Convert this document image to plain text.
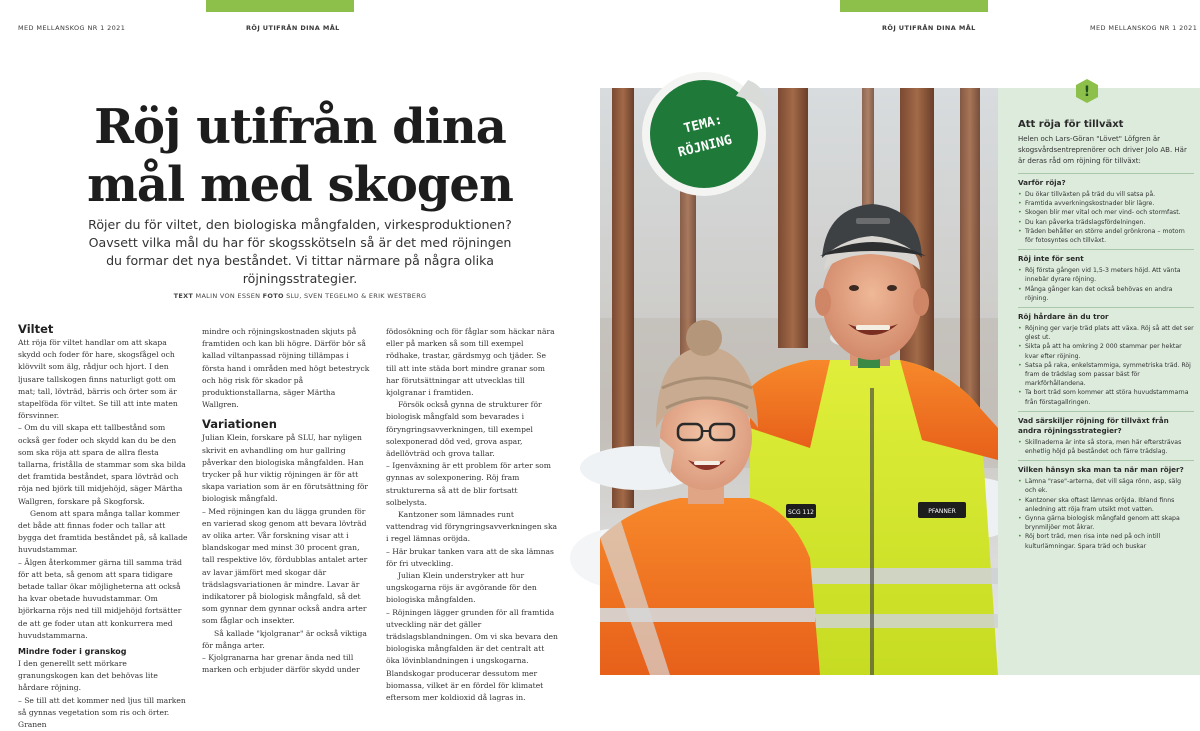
MED MELLANSKOG NR 1 2021	RÖJ UTIFRÅN DINA MÅL
Röj utifrån dina
mål med skogen
Röjer du för viltet, den biologiska mångfalden, virkesproduktionen? Oavsett vilka mål du har för skogsskötseln så är det med röjningen du formar det nya beståndet. Vi tittar närmare på några olika röjningsstrategier.
TEXT MALIN VON ESSEN FOTO SLU, SVEN TEGELMO & ERIK WESTBERG
Viltet

Att röja för viltet handlar om att skapa skydd och foder för hare, skogsfågel och klövvilt som älg, rådjur och hjort. I den ljusare tallskogen finns naturligt gott om mat; tall, lövträd, bärris och örter som är stapelföda för viltet. Se till att inte maten försvinner.

– Om du vill skapa ett tallbestånd som också ger foder och skydd kan du be den som ska röja att spara de allra flesta tallarna, fristålla de stammar som ska bilda det framtida beståndet, spara lövträd och röja ned björk till midjehöjd, säger Märtha Wallgren, forskare på Skogforsk.

Genom att spara många tallar kommer det både att finnas foder och tallar att bygga det framtida beståndet på, så kallade huvudstammar.

– Älgen återkommer gärna till samma träd för att beta, så genom att spara tidigare betade tallar ökar möjligheterna att också ha kvar obetade huvudstammar. Om björkarna röjs ned till midjehöjd fortsätter de att ge foder utan att konkurrera med huvudstammarna.

Mindre foder i granskog

I den generellt sett mörkare granungskogen kan det behövas lite hårdare röjning.

– Se till att det kommer ned ljus till marken så gynnas vegetation som ris och örter. Granen

mindre och röjningskostnaden skjuts på framtiden och kan bli högre. Därför bör så kallad viltanpassad röjning tillämpas i första hand i områden med högt betestryck och hög risk för skador på produktionstallarna, säger Märtha Wallgren.

Variationen

Julian Klein, forskare på SLU, har nyligen skrivit en avhandling om hur gallring påverkar den biologiska mångfalden. Han trycker på hur viktig röjningen är för att skapa variation som är en förutsättning för biologisk mångfald.

– Med röjningen kan du lägga grunden för en varierad skog genom att bevara lövträd av olika arter. Vår forskning visar att i blandskogar med minst 30 procent gran, tall respektive löv, fördubblas antalet arter av lavar jämfört med skogar där trädslagsvariationen är mindre. Lavar är indikatorer på biologisk mångfald, så det som gynnar dem gynnar också andra arter som fåglar och insekter.

Så kallade "kjolgranar" är också viktiga för många arter.

– Kjolgranarna har grenar ända ned till marken och erbjuder därför skydd under

födosökning och för fåglar som häckar nära eller på marken så som till exempel rödhake, trastar, gärdsmyg och tjäder. Se till att inte städa bort mindre granar som har förutsättningar att utvecklas till kjolgranar i framtiden.

Försök också gynna de strukturer för biologisk mångfald som bevarades i föryngringsavverkningen, till exempel solexponerad död ved, grova aspar, ädellövträd och grova tallar.

– Igenväxning är ett problem för arter som gynnas av solexponering. Röj fram strukturerna så att de blir fortsatt solbelysta.

Kantzoner som lämnades runt vattendrag vid föryngringsavverkningen ska i regel lämnas oröjda.

– Här brukar tanken vara att de ska lämnas för fri utveckling.

Julian Klein understryker att hur ungskogarna röjs är avgörande för den biologiska mångfalden.

– Röjningen lägger grunden för all framtida utveckling när det gäller trädslagsblandningen. Om vi ska bevara den biologiska mångfalden är det centralt att öka lövinblandningen i ungskogarna. Blandskogar producerar dessutom mer biomassa, vilket är en fördel för klimatet eftersom mer koldioxid då lagras in.

RÖJ UTIFRÅN DINA MÅL	MED MELLANSKOG NR 1 2021
PFANNER
SCG 112
TEMA:
RÖJNING
!

Att röja för tillväxt

Helen och Lars-Göran "Lövet" Löfgren är skogsvårdsentreprenörer och driver Jolo AB. Här är deras råd om röjning för tillväxt:

Varför röja?
• Du ökar tillväxten på träd du vill satsa på.
• Framtida avverkningskostnader blir lägre.
• Skogen blir mer vital och mer vind- och stormfast.
• Du kan påverka trädslagsfördelningen.
• Träden behåller en större andel grönkrona – motorn för fotosyntes och tillväxt.
Röj inte för sent
• Röj första gången vid 1,5-3 meters höjd. Att vänta innebär dyrare röjning.
• Många gånger kan det också behövas en andra röjning.
Röj hårdare än du tror
• Röjning ger varje träd plats att växa. Röj så att det ser glest ut.
• Sikta på att ha omkring 2 000 stammar per hektar kvar efter röjning.
• Satsa på raka, enkelstammiga, symmetriska träd. Röj fram de trädslag som passar bäst för markförhållandena.
• Ta bort träd som kommer att störa huvudstammarna från förstagallringen.
Vad särskiljer röjning för tillväxt från andra röjningsstrategier?
• Skillnaderna är inte så stora, men här eftersträvas enhetlig höjd på beståndet och färre trädslag.
Vilken hänsyn ska man ta när man röjer?
• Lämna "rase"-arterna, det vill säga rönn, asp, sälg och ek.
• Kantzoner ska oftast lämnas oröjda. Ibland finns anledning att röja fram utsikt mot vatten.
• Gynna gärna biologisk mångfald genom att skapa brynmiljöer mot åkrar.
• Röj bort träd, men risa inte ned på och intill kulturlämningar. Spara träd och buskar
